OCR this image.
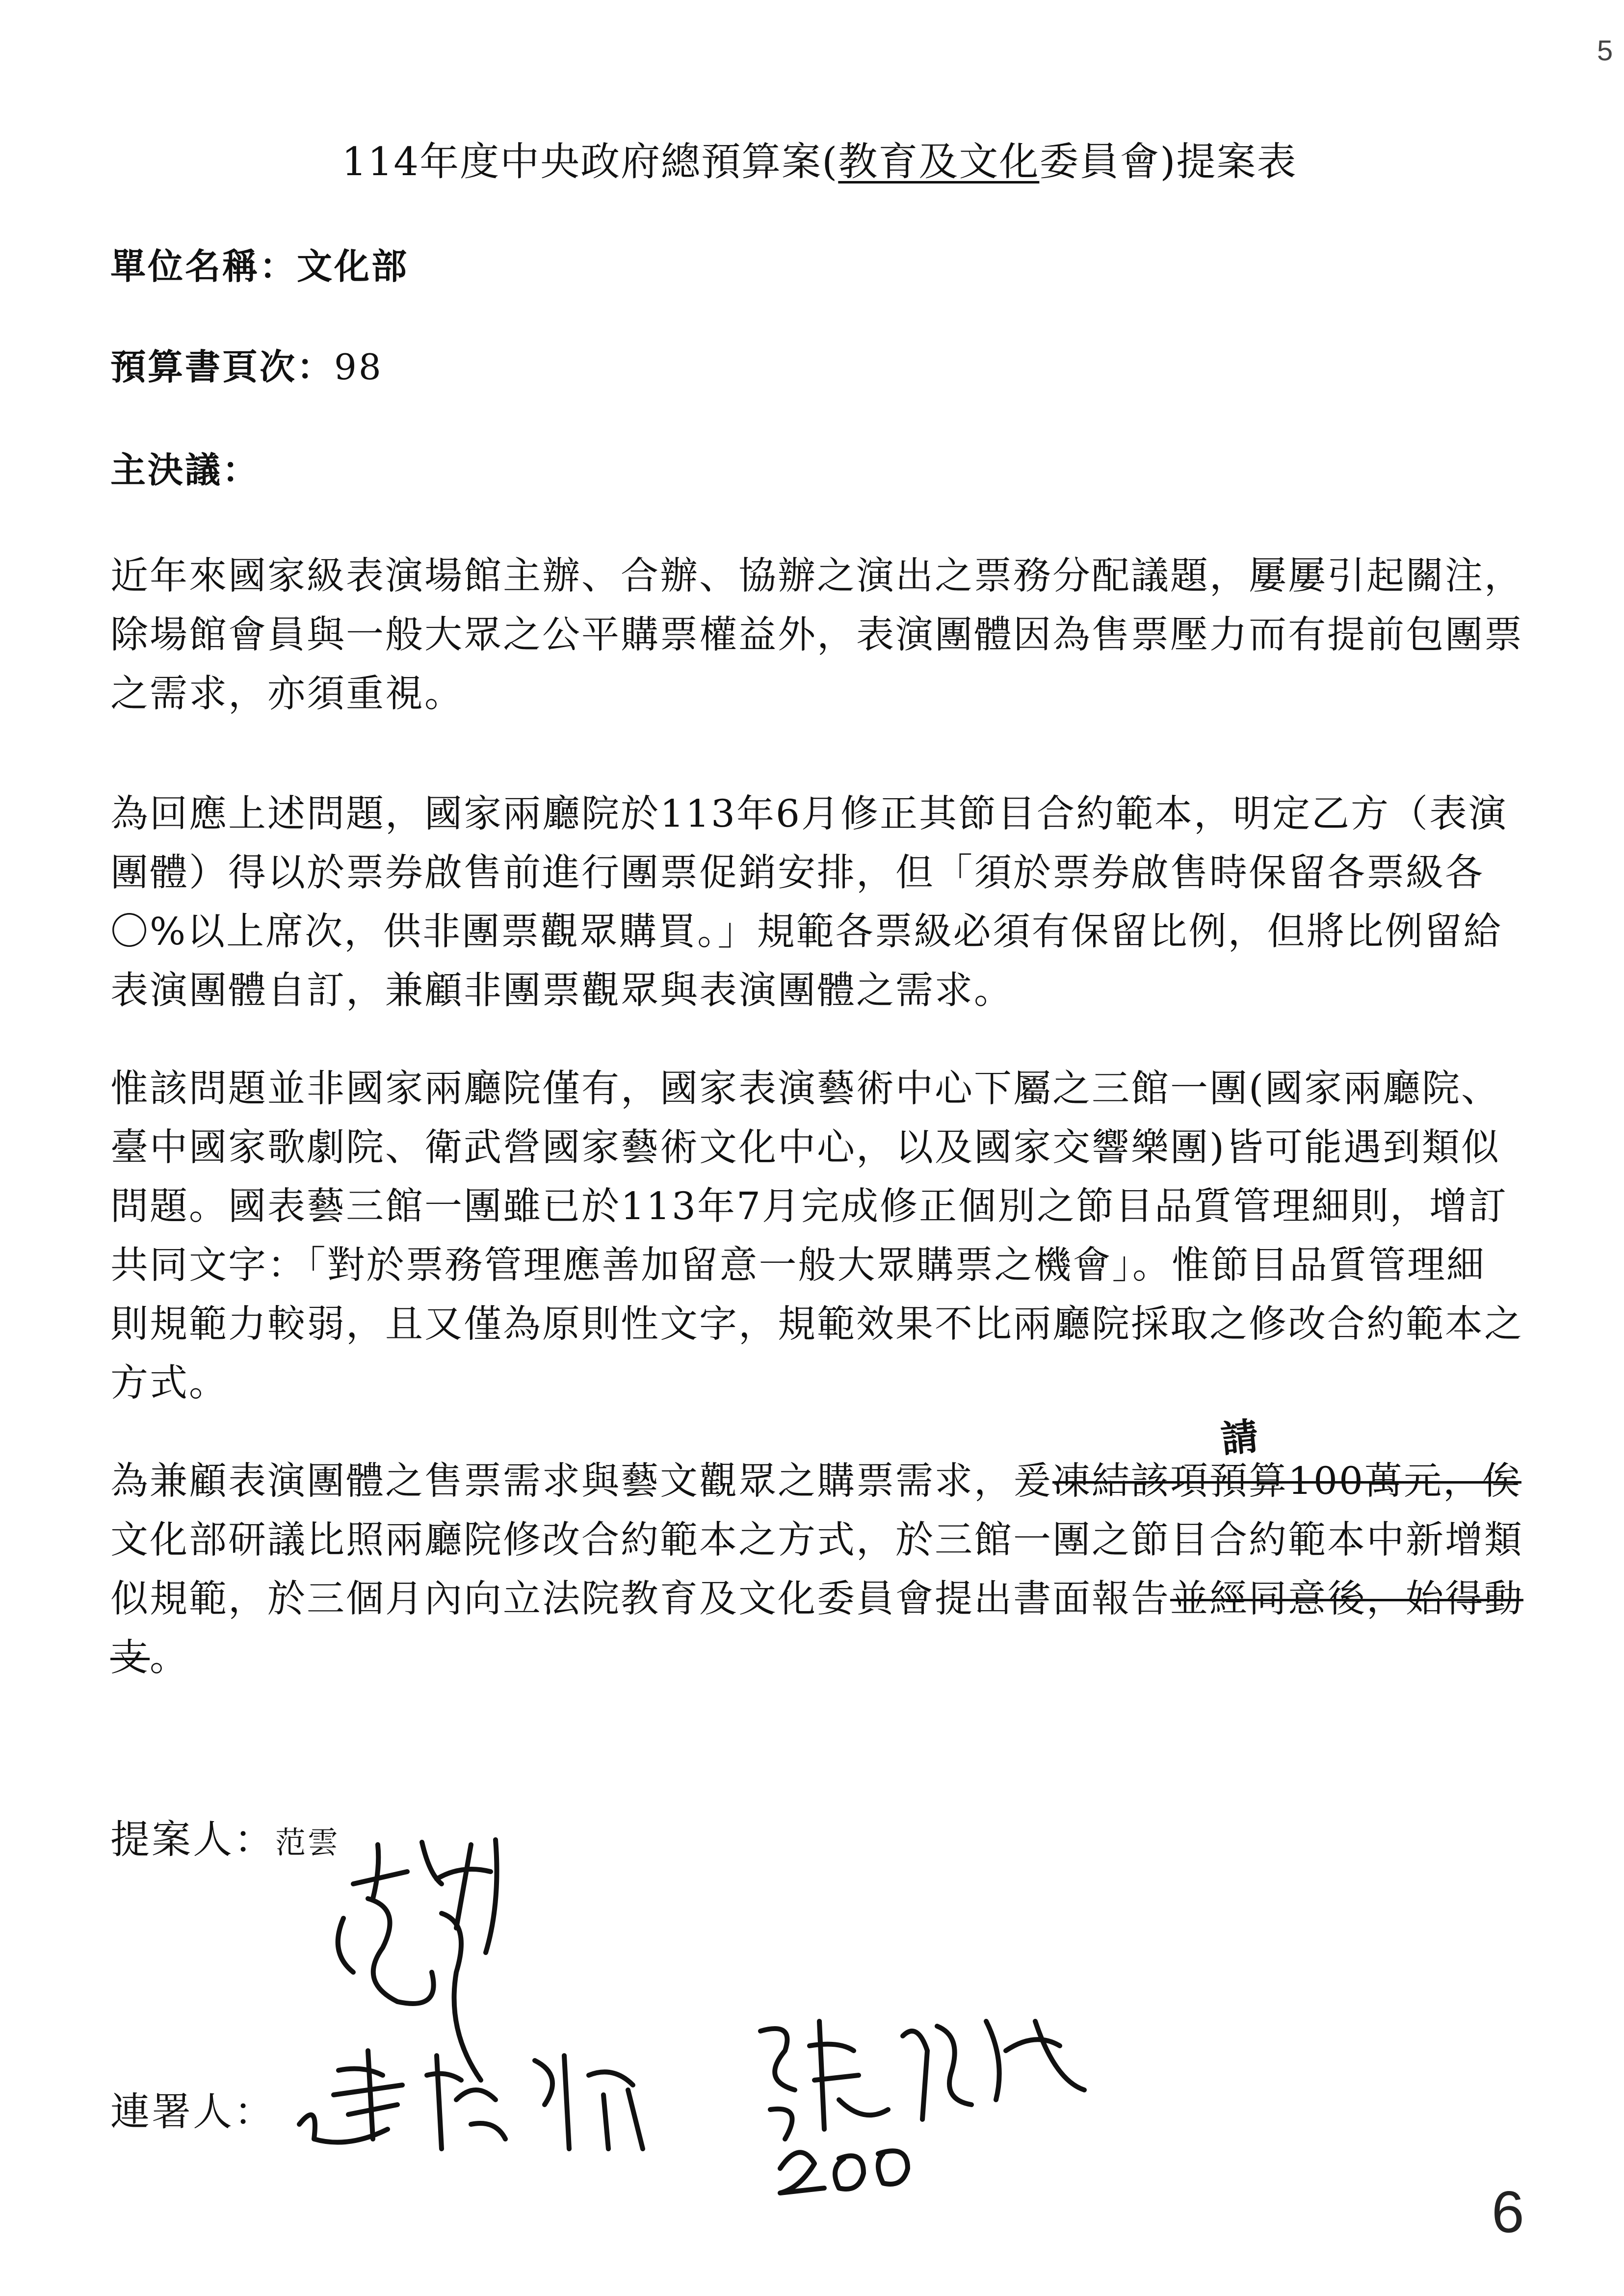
5
114年度中央政府總預算案(教育及文化委員會)提案表
單位名稱：文化部
預算書頁次：98
主決議：
近年來國家級表演場館主辦、合辦、協辦之演出之票務分配議題，屢屢引起關注，除場館會員與一般大眾之公平購票權益外，表演團體因為售票壓力而有提前包團票之需求，亦須重視。
為回應上述問題，國家兩廳院於113年6月修正其節目合約範本，明定乙方（表演團體）得以於票券啟售前進行團票促銷安排，但「須於票券啟售時保留各票級各〇%以上席次，供非團票觀眾購買。」規範各票級必須有保留比例，但將比例留給表演團體自訂，兼顧非團票觀眾與表演團體之需求。
惟該問題並非國家兩廳院僅有，國家表演藝術中心下屬之三館一團(國家兩廳院、臺中國家歌劇院、衛武營國家藝術文化中心，以及國家交響樂團)皆可能遇到類似問題。國表藝三館一團雖已於113年7月完成修正個別之節目品質管理細則，增訂共同文字：「對於票務管理應善加留意一般大眾購票之機會」。惟節目品質管理細則規範力較弱，且又僅為原則性文字，規範效果不比兩廳院採取之修改合約範本之方式。
請
為兼顧表演團體之售票需求與藝文觀眾之購票需求，爰凍結該項預算100萬元，俟文化部研議比照兩廳院修改合約範本之方式，於三館一團之節目合約範本中新增類似規範，於三個月內向立法院教育及文化委員會提出書面報告並經同意後，始得動支。
提案人：范雲
連署人：
6
